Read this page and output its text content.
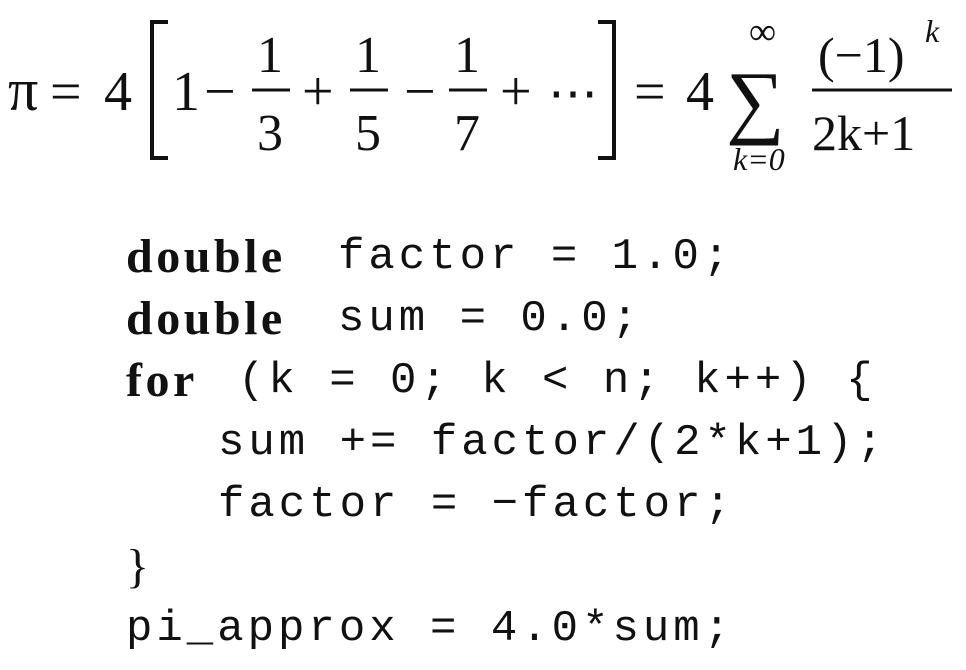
π = 4 1 −
1
3
+
1
5
−
1
7
+ ⋯ = 4
∞
∑
k=0
(−1) k
2k+1

double

factor = 1.0;

double

sum = 0.0;

for

(k = 0; k < n; k++) {

sum += factor/(2*k+1);

factor = −factor;

}

pi_approx = 4.0*sum;
